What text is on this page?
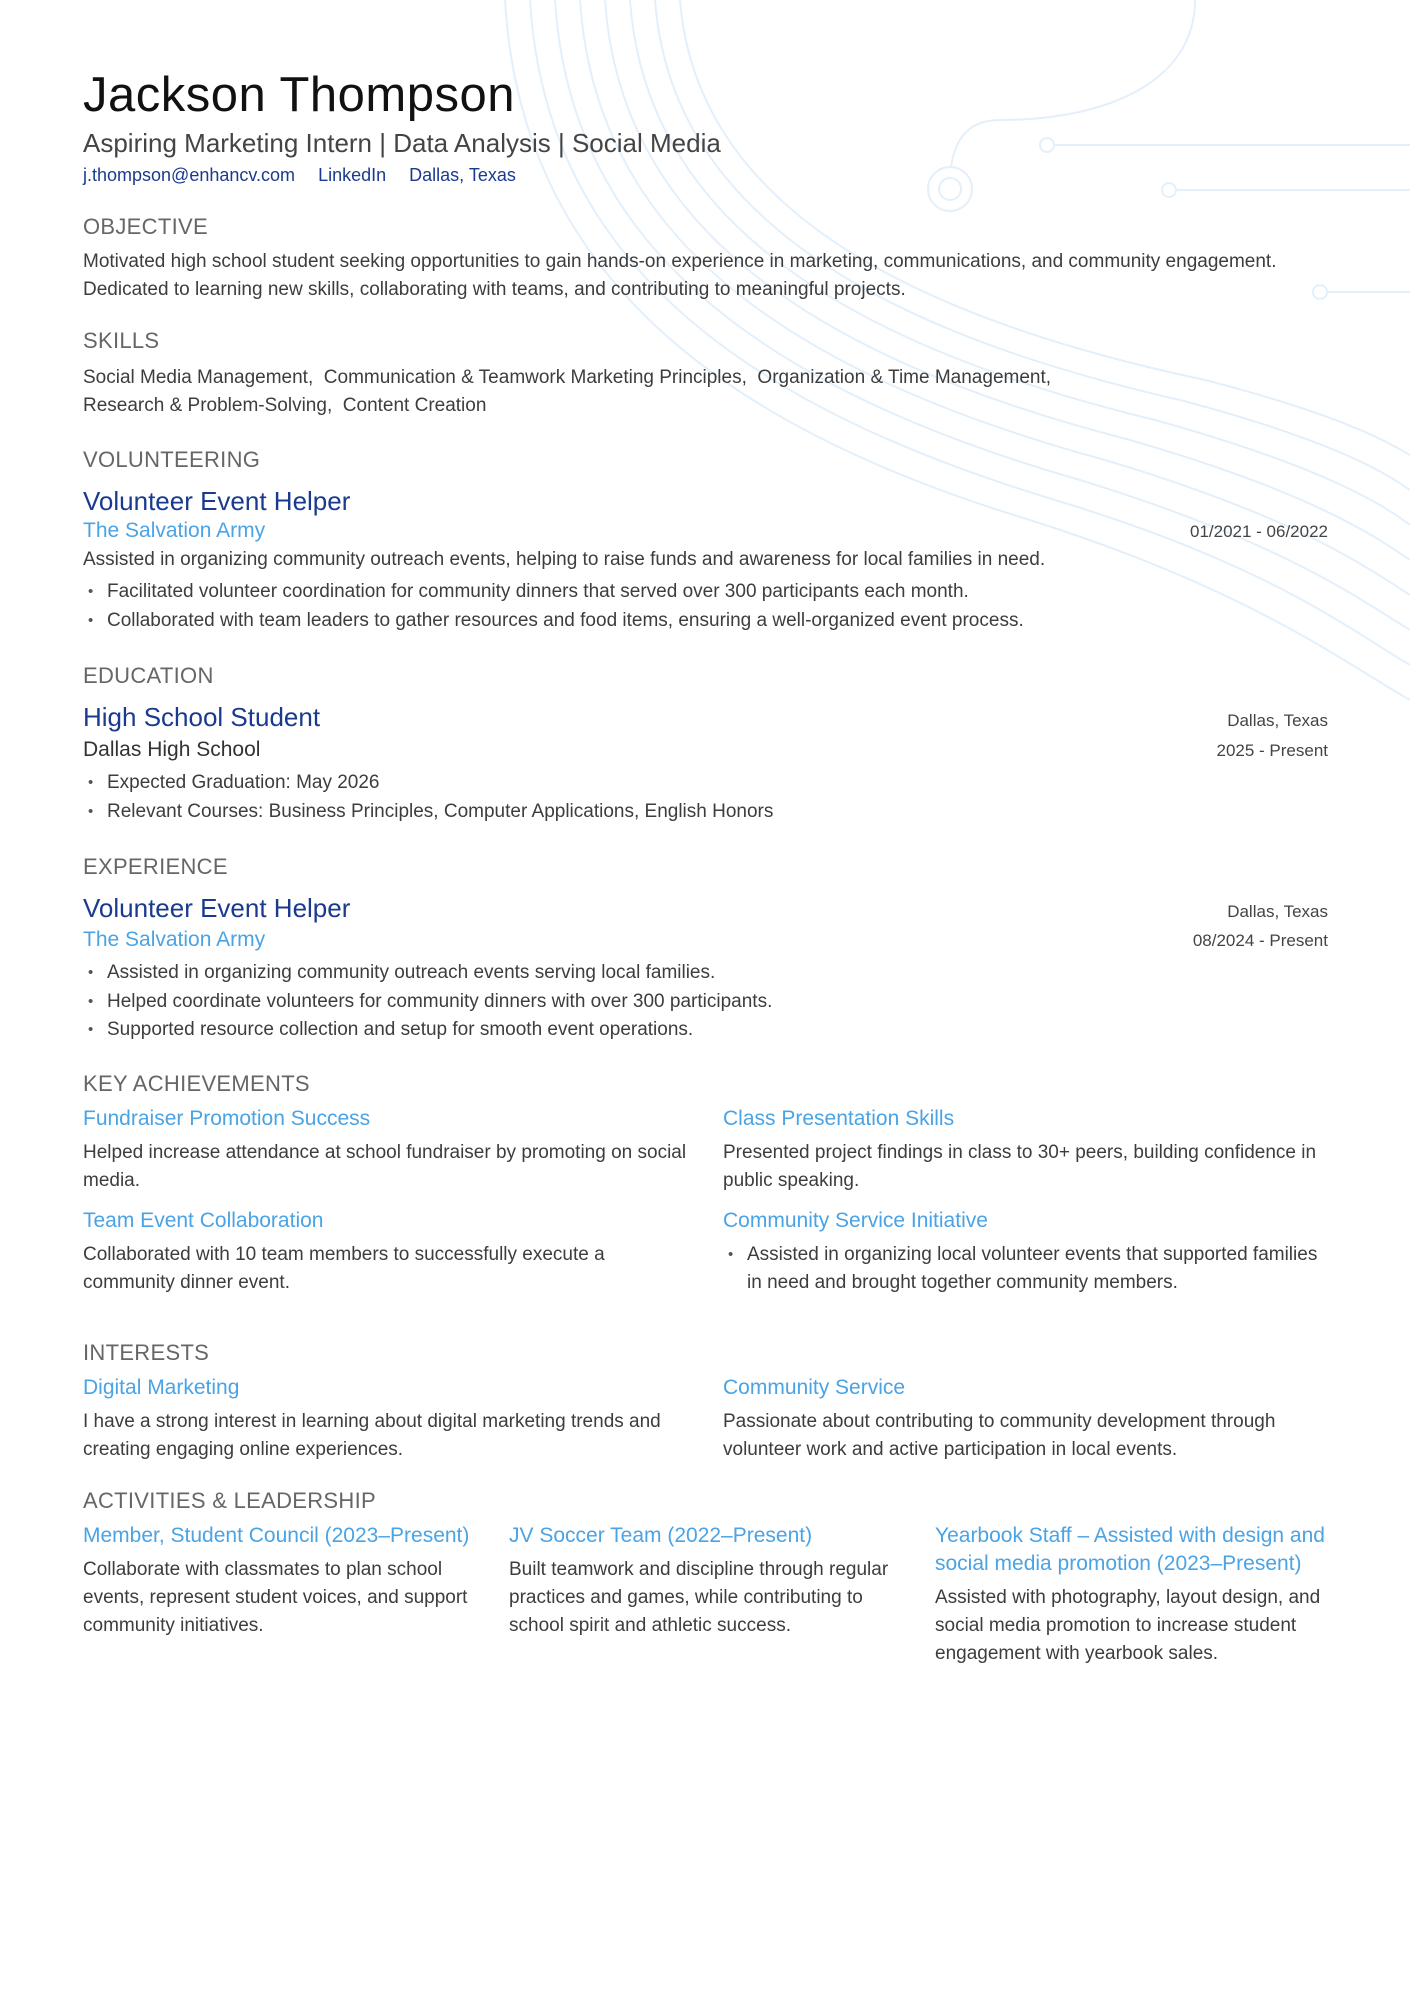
Jackson Thompson
Aspiring Marketing Intern | Data Analysis | Social Media
j.thompson@enhancv.com LinkedIn Dallas, Texas
OBJECTIVE
Motivated high school student seeking opportunities to gain hands-on experience in marketing, communications, and community engagement. Dedicated to learning new skills, collaborating with teams, and contributing to meaningful projects.
SKILLS
Social Media Management,  Communication & Teamwork Marketing Principles,  Organization & Time Management,
Research & Problem-Solving,  Content Creation
VOLUNTEERING
Volunteer Event Helper
The Salvation Army	01/2021 - 06/2022
Assisted in organizing community outreach events, helping to raise funds and awareness for local families in need.
• Facilitated volunteer coordination for community dinners that served over 300 participants each month.
• Collaborated with team leaders to gather resources and food items, ensuring a well-organized event process.
EDUCATION
High School Student	Dallas, Texas
Dallas High School	2025 - Present
• Expected Graduation: May 2026
• Relevant Courses: Business Principles, Computer Applications, English Honors
EXPERIENCE
Volunteer Event Helper	Dallas, Texas
The Salvation Army	08/2024 - Present
• Assisted in organizing community outreach events serving local families.
• Helped coordinate volunteers for community dinners with over 300 participants.
• Supported resource collection and setup for smooth event operations.
KEY ACHIEVEMENTS
Fundraiser Promotion Success
Helped increase attendance at school fundraiser by promoting on social media.
Class Presentation Skills
Presented project findings in class to 30+ peers, building confidence in public speaking.
Team Event Collaboration
Collaborated with 10 team members to successfully execute a community dinner event.
Community Service Initiative
• Assisted in organizing local volunteer events that supported families in need and brought together community members.
INTERESTS
Digital Marketing
I have a strong interest in learning about digital marketing trends and creating engaging online experiences.
Community Service
Passionate about contributing to community development through volunteer work and active participation in local events.
ACTIVITIES & LEADERSHIP
Member, Student Council (2023–Present)
Collaborate with classmates to plan school events, represent student voices, and support community initiatives.
JV Soccer Team (2022–Present)
Built teamwork and discipline through regular practices and games, while contributing to school spirit and athletic success.
Yearbook Staff – Assisted with design and social media promotion (2023–Present)
Assisted with photography, layout design, and social media promotion to increase student engagement with yearbook sales.
